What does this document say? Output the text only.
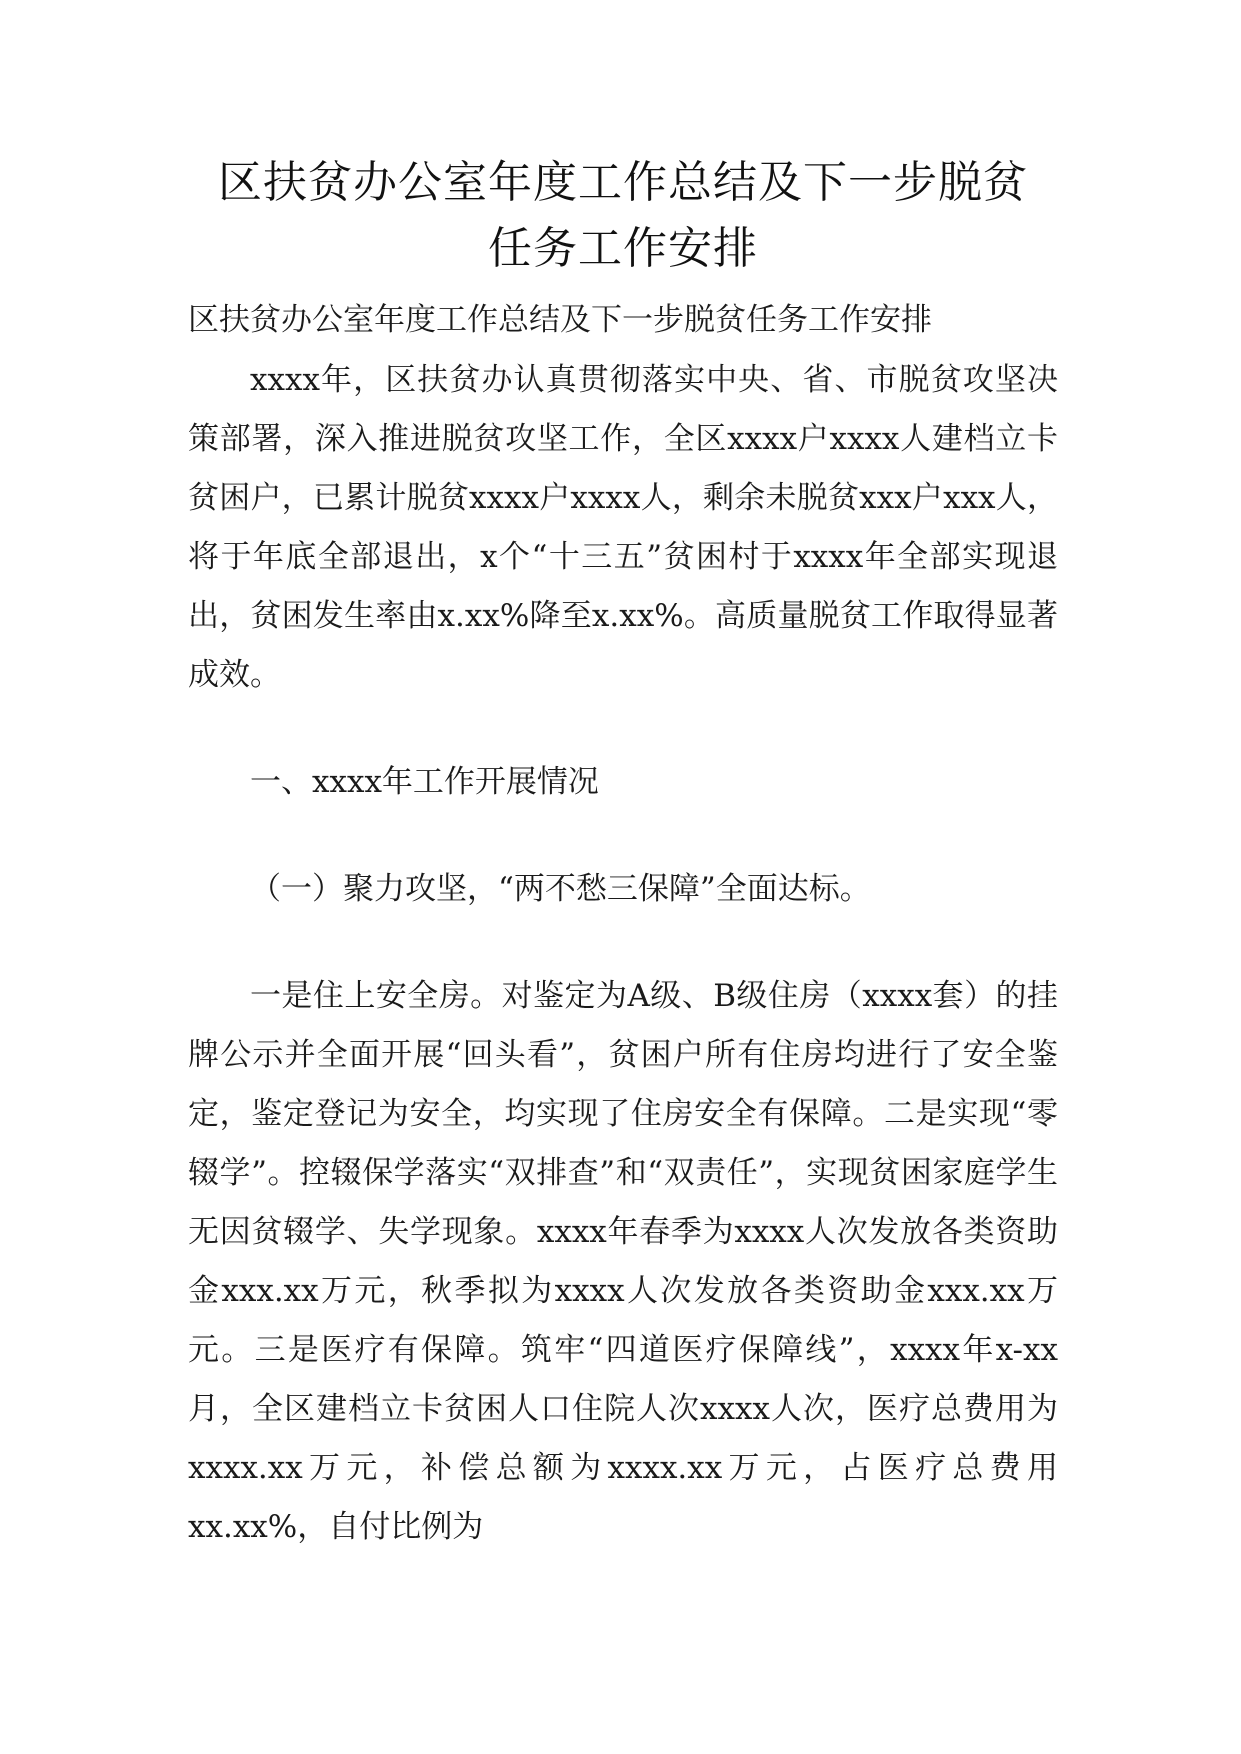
区扶贫办公室年度工作总结及下一步脱贫
任务工作安排

区扶贫办公室年度工作总结及下一步脱贫任务工作安排

xxxx年，区扶贫办认真贯彻落实中央、省、市脱贫攻坚决策部署，深入推进脱贫攻坚工作，全区xxxx户xxxx人建档立卡贫困户，已累计脱贫xxxx户xxxx人，剩余未脱贫xxx户xxx人，将于年底全部退出，x个“十三五”贫困村于xxxx年全部实现退出，贫困发生率由x.xx%降至x.xx%。高质量脱贫工作取得显著成效。

一、xxxx年工作开展情况

（一）聚力攻坚，“两不愁三保障”全面达标。

一是住上安全房。对鉴定为A级、B级住房（xxxx套）的挂牌公示并全面开展“回头看”，贫困户所有住房均进行了安全鉴定，鉴定登记为安全，均实现了住房安全有保障。二是实现“零辍学”。控辍保学落实“双排查”和“双责任”，实现贫困家庭学生无因贫辍学、失学现象。xxxx年春季为xxxx人次发放各类资助金xxx.xx万元，秋季拟为xxxx人次发放各类资助金xxx.xx万元。三是医疗有保障。筑牢“四道医疗保障线”，xxxx年x-xx月，全区建档立卡贫困人口住院人次xxxx人次，医疗总费用为xxxx.xx万元，补偿总额为xxxx.xx万元，占医疗总费用xx.xx%，自付比例为
